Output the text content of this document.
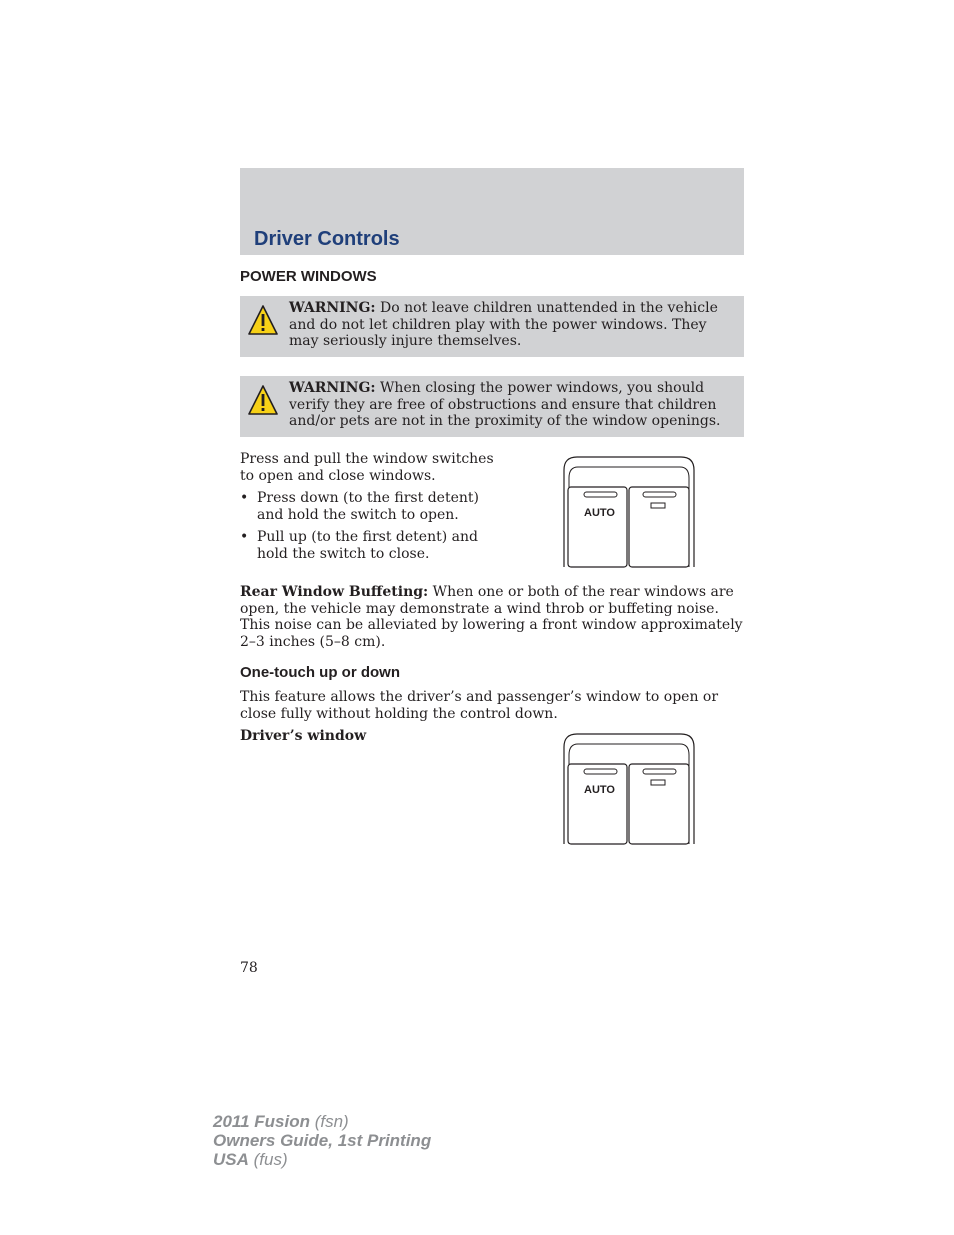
Driver Controls
POWER WINDOWS
WARNING: Do not leave children unattended in the vehicle and do not let children play with the power windows. They may seriously injure themselves.
WARNING: When closing the power windows, you should verify they are free of obstructions and ensure that children and/or pets are not in the proximity of the window openings.
Press and pull the window switches to open and close windows.
• Press down (to the first detent) and hold the switch to open.
• Pull up (to the first detent) and hold the switch to close.
AUTO
Rear Window Buffeting: When one or both of the rear windows are open, the vehicle may demonstrate a wind throb or buffeting noise. This noise can be alleviated by lowering a front window approximately 2–3 inches (5–8 cm).
One-touch up or down
This feature allows the driver’s and passenger’s window to open or close fully without holding the control down.
Driver’s window
AUTO
78
2011 Fusion (fsn)
Owners Guide, 1st Printing
USA (fus)
